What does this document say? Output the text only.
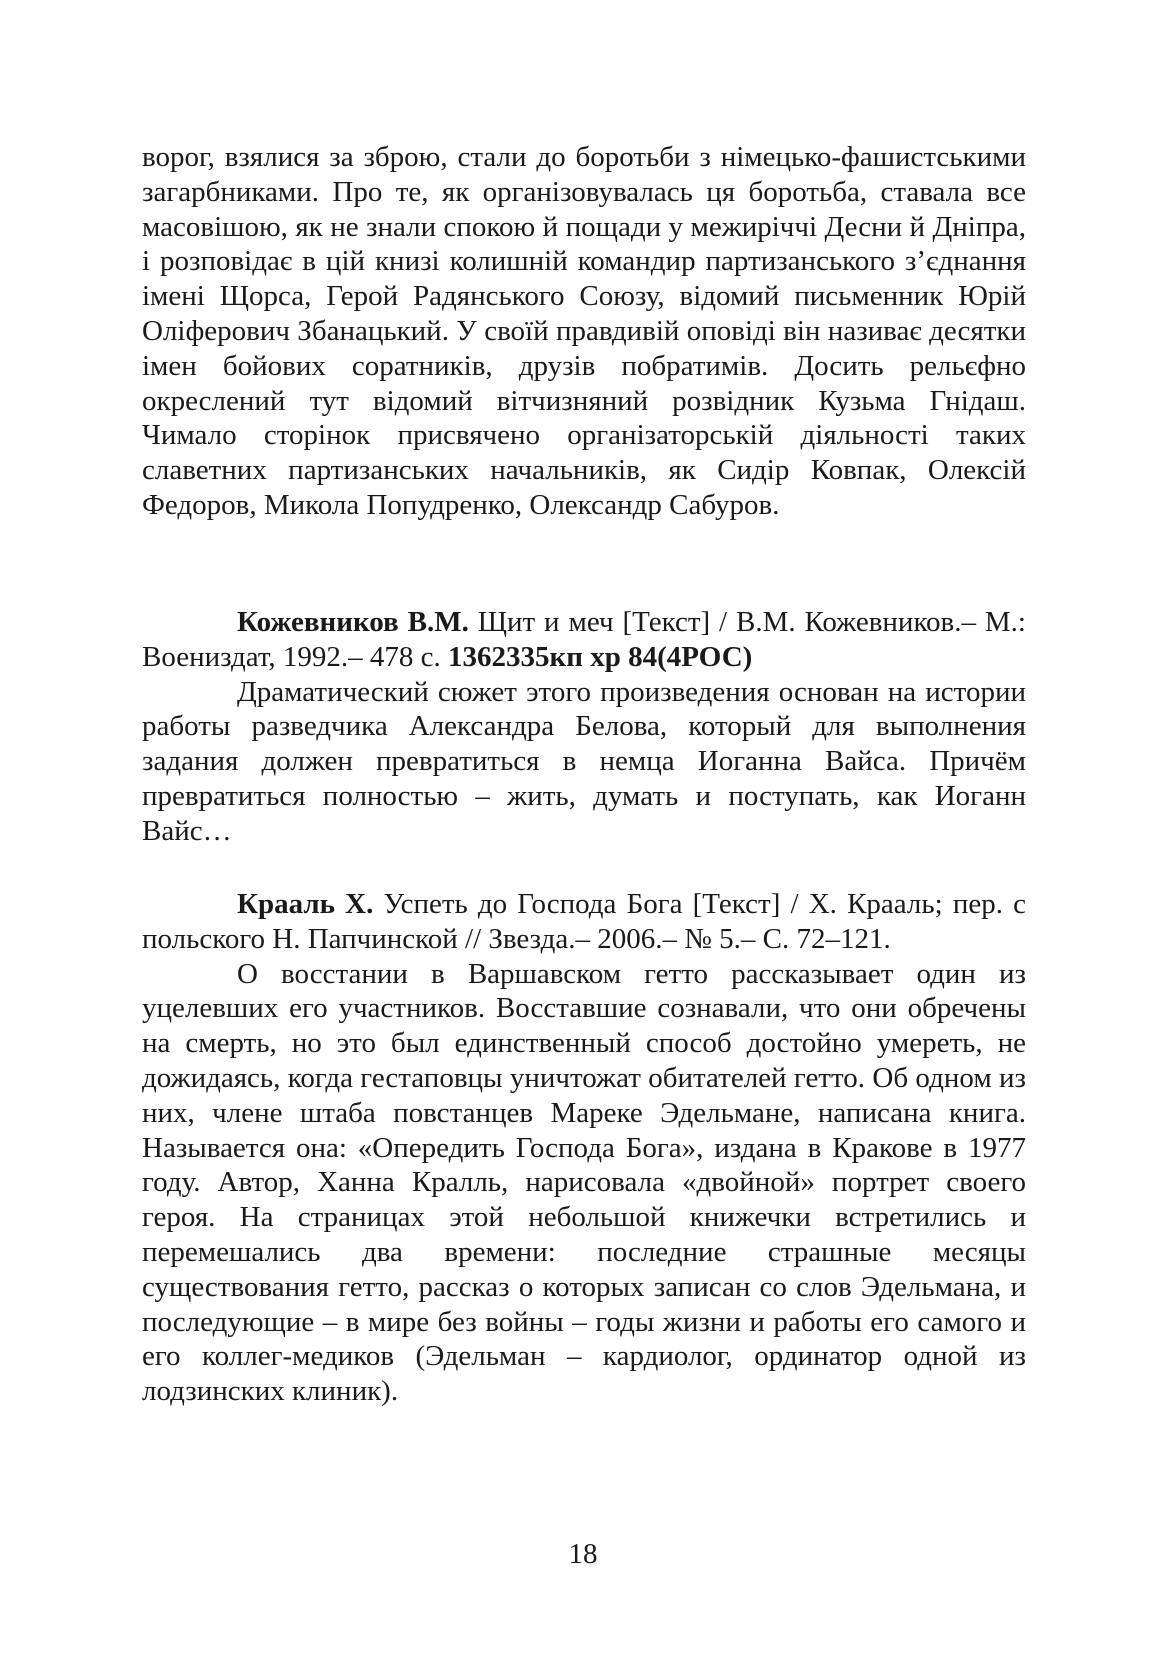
ворог, взялися за зброю, стали до боротьби з німецько-фашистськими загарбниками. Про те, як організовувалась ця боротьба, ставала все масовішою, як не знали спокою й пощади у межиріччі Десни й Дніпра, і розповідає в цій книзі колишній командир партизанського з’єднання імені Щорса, Герой Радянського Союзу, відомий письменник Юрій Оліферович Збанацький. У своїй правдивій оповіді він називає десятки імен бойових соратників, друзів побратимів. Досить рельєфно окреслений тут відомий вітчизняний розвідник Кузьма Гнідаш. Чимало сторінок присвячено організаторській діяльності таких славетних партизанських начальників, як Сидір Ковпак, Олексій Федоров, Микола Попудренко, Олександр Сабуров.

Кожевников В.М. Щит и меч [Текст] / В.М. Кожевников.– М.: Воениздат, 1992.– 478 с. 1362335кп хр 84(4РОС)

Драматический сюжет этого произведения основан на истории работы разведчика Александра Белова, который для выполнения задания должен превратиться в немца Иоганна Вайса. Причём превратиться полностью – жить, думать и поступать, как Иоганн Вайс…

Крааль Х. Успеть до Господа Бога [Текст] / Х. Крааль; пер. с польского Н. Папчинской // Звезда.– 2006.– № 5.– С. 72–121.

О восстании в Варшавском гетто рассказывает один из уцелевших его участников. Восставшие сознавали, что они обречены на смерть, но это был единственный способ достойно умереть, не дожидаясь, когда гестаповцы уничтожат обитателей гетто. Об одном из них, члене штаба повстанцев Мареке Эдельмане, написана книга. Называется она: «Опередить Господа Бога», издана в Кракове в 1977 году. Автор, Ханна Кралль, нарисовала «двойной» портрет своего героя. На страницах этой небольшой книжечки встретились и перемешались два времени: последние страшные месяцы существования гетто, рассказ о которых записан со слов Эдельмана, и последующие – в мире без войны – годы жизни и работы его самого и его коллег-медиков (Эдельман – кардиолог, ординатор одной из лодзинских клиник).

18
